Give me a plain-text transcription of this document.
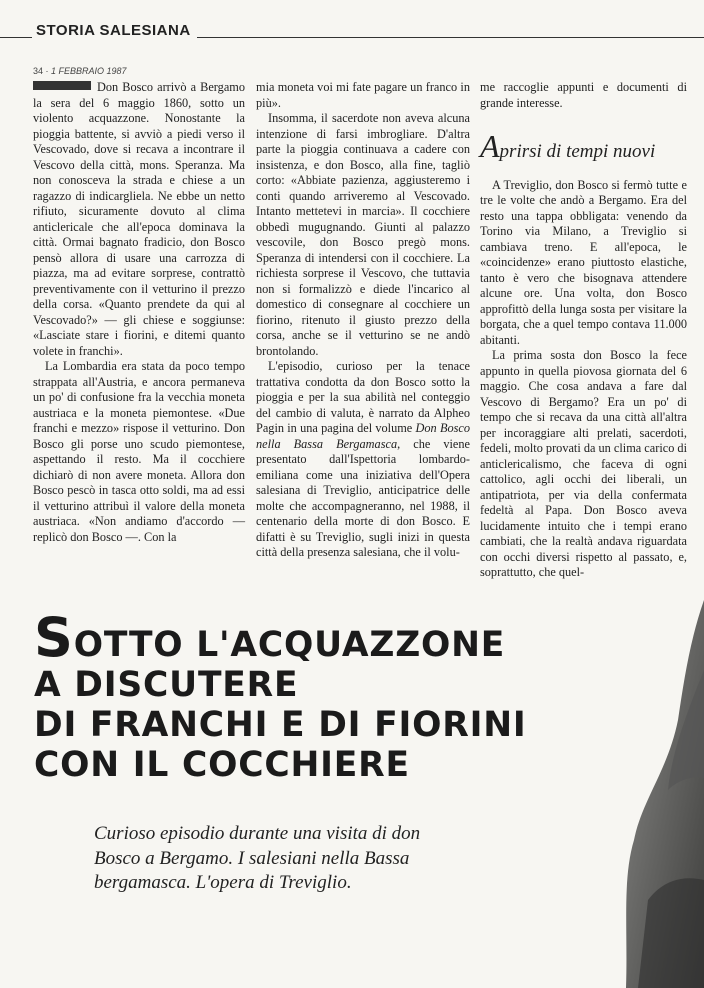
STORIA SALESIANA
34 · 1 FEBBRAIO 1987

Don Bosco arrivò a Bergamo la sera del 6 maggio 1860, sotto un violento acquazzone. Nonostante la pioggia battente, si avviò a piedi verso il Vescovado, dove si recava a incontrare il Vescovo della città, mons. Speranza. Ma non conosceva la strada e chiese a un ragazzo di indicargliela. Ne ebbe un netto rifiuto, sicuramente dovuto al clima anticlericale che all'epoca dominava la città. Ormai bagnato fradicio, don Bosco pensò allora di usare una carrozza di piazza, ma ad evitare sorprese, contrattò preventivamente con il vetturino il prezzo della corsa. «Quanto prendete da qui al Vescovado?» — gli chiese e soggiunse: «Lasciate stare i fiorini, e ditemi quanto volete in franchi».

La Lombardia era stata da poco tempo strappata all'Austria, e ancora permaneva un po' di confusione fra la vecchia moneta austriaca e la moneta piemontese. «Due franchi e mezzo» rispose il vetturino. Don Bosco gli porse uno scudo piemontese, aspettando il resto. Ma il cocchiere dichiarò di non avere moneta. Allora don Bosco pescò in tasca otto soldi, ma ad essi il vetturino attribuì il valore della moneta austriaca. «Non andiamo d'accordo — replicò don Bosco —. Con la

mia moneta voi mi fate pagare un franco in più».

Insomma, il sacerdote non aveva alcuna intenzione di farsi imbrogliare. D'altra parte la pioggia continuava a cadere con insistenza, e don Bosco, alla fine, tagliò corto: «Abbiate pazienza, aggiusteremo i conti quando arriveremo al Vescovado. Intanto mettetevi in marcia». Il cocchiere obbedì mugugnando. Giunti al palazzo vescovile, don Bosco pregò mons. Speranza di intendersi con il cocchiere. La richiesta sorprese il Vescovo, che tuttavia non si formalizzò e diede l'incarico al domestico di consegnare al cocchiere un fiorino, ritenuto il giusto prezzo della corsa, anche se il vetturino se ne andò brontolando.

L'episodio, curioso per la tenace trattativa condotta da don Bosco sotto la pioggia e per la sua abilità nel conteggio del cambio di valuta, è narrato da Alpheo Pagin in una pagina del volume Don Bosco nella Bassa Bergamasca, che viene presentato dall'Ispettoria lombardo-emiliana come una iniziativa dell'Opera salesiana di Treviglio, anticipatrice delle molte che accompagneranno, nel 1988, il centenario della morte di don Bosco. E difatti è su Treviglio, sugli inizi in questa città della presenza salesiana, che il volu-

me raccoglie appunti e documenti di grande interesse.

Aprirsi di tempi nuovi

A Treviglio, don Bosco si fermò tutte e tre le volte che andò a Bergamo. Era del resto una tappa obbligata: venendo da Torino via Milano, a Treviglio si cambiava treno. E all'epoca, le «coincidenze» erano piuttosto elastiche, tanto è vero che bisognava attendere alcune ore. Una volta, don Bosco approfittò della lunga sosta per visitare la borgata, che a quel tempo contava 11.000 abitanti.

La prima sosta don Bosco la fece appunto in quella piovosa giornata del 6 maggio. Che cosa andava a fare dal Vescovo di Bergamo? Era un po' di tempo che si recava da una città all'altra per incoraggiare alti prelati, sacerdoti, fedeli, molto provati da un clima carico di anticlericalismo, che faceva di ogni cattolico, agli occhi dei liberali, un antipatriota, per via della confermata fedeltà al Papa. Don Bosco aveva lucidamente intuito che i tempi erano cambiati, che la realtà andava riguardata con occhi diversi rispetto al passato, e, soprattutto, che quel-

SOTTO L'ACQUAZZONE
A DISCUTERE
DI FRANCHI E DI FIORINI
CON IL COCCHIERE
Curioso episodio durante una visita di don Bosco a Bergamo. I salesiani nella Bassa bergamasca. L'opera di Treviglio.
